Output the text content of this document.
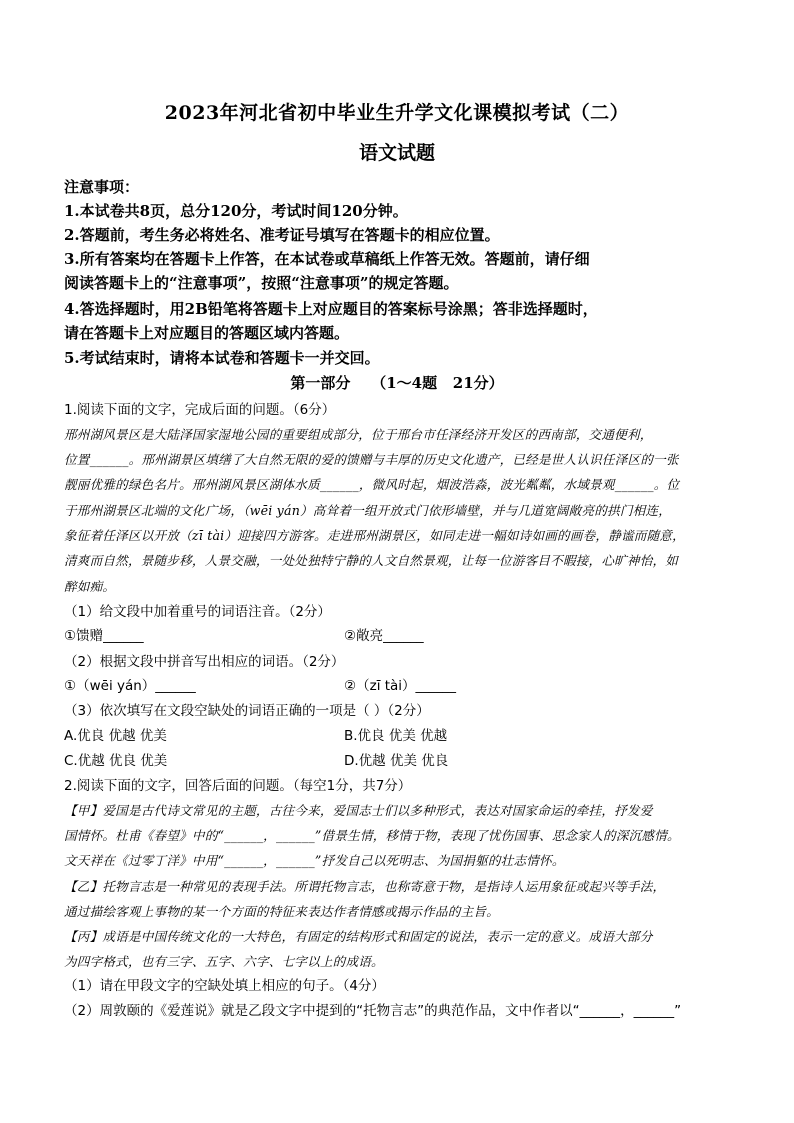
2023年河北省初中毕业生升学文化课模拟考试（二）
语文试题
注意事项：
1.本试卷共8页，总分120分，考试时间120分钟。
2.答题前，考生务必将姓名、准考证号填写在答题卡的相应位置。
3.所有答案均在答题卡上作答，在本试卷或草稿纸上作答无效。答题前，请仔细
阅读答题卡上的“注意事项”，按照“注意事项”的规定答题。
4.答选择题时，用2B铅笔将答题卡上对应题目的答案标号涂黑；答非选择题时，
请在答题卡上对应题目的答题区域内答题。
5.考试结束时，请将本试卷和答题卡一并交回。
第一部分    （1～4题   21分）
1.阅读下面的文字，完成后面的问题。（6分）
邢州湖风景区是大陆泽国家湿地公园的重要组成部分，位于邢台市任泽经济开发区的西南部，交通便利，
位置______。邢州湖景区填缮了大自然无限的爱的馈赠与丰厚的历史文化遗产，已经是世人认识任泽区的一张
靓丽优雅的绿色名片。邢州湖风景区湖体水质______，微风时起，烟波浩淼，波光粼粼，水域景观______。位
于邢州湖景区北端的文化广场，（wēi yán）高耸着一组开放式门依形墙壁，并与几道宽阔敞亮的拱门相连，
象征着任泽区以开放（zī tài）迎接四方游客。走进邢州湖景区，如同走进一幅如诗如画的画卷，静谧而随意，
清爽而自然，景随步移，人景交融，一处处独特宁静的人文自然景观，让每一位游客目不暇接，心旷神怡，如
醉如痴。
（1）给文段中加着重号的词语注音。（2分）
①馈赠______	②敞亮______
（2）根据文段中拼音写出相应的词语。（2分）
①（wēi yán）______	②（zī tài）______
（3）依次填写在文段空缺处的词语正确的一项是（ ）（2分）
A.优良 优越 优美	B.优良 优美 优越
C.优越 优良 优美	D.优越 优美 优良
2.阅读下面的文字，回答后面的问题。（每空1分，共7分）
【甲】爱国是古代诗文常见的主题，古往今来，爱国志士们以多种形式，表达对国家命运的牵挂，抒发爱
国情怀。杜甫《春望》中的“______，______”借景生情，移情于物，表现了忧伤国事、思念家人的深沉感情。
文天祥在《过零丁洋》中用“______，______”抒发自己以死明志、为国捐躯的壮志情怀。
【乙】托物言志是一种常见的表现手法。所谓托物言志，也称寄意于物，是指诗人运用象征或起兴等手法，
通过描绘客观上事物的某一个方面的特征来表达作者情感或揭示作品的主旨。
【丙】成语是中国传统文化的一大特色，有固定的结构形式和固定的说法，表示一定的意义。成语大部分
为四字格式，也有三字、五字、六字、七字以上的成语。
（1）请在甲段文字的空缺处填上相应的句子。（4分）
（2）周敦颐的《爱莲说》就是乙段文字中提到的“托物言志”的典范作品，文中作者以“______，______”
